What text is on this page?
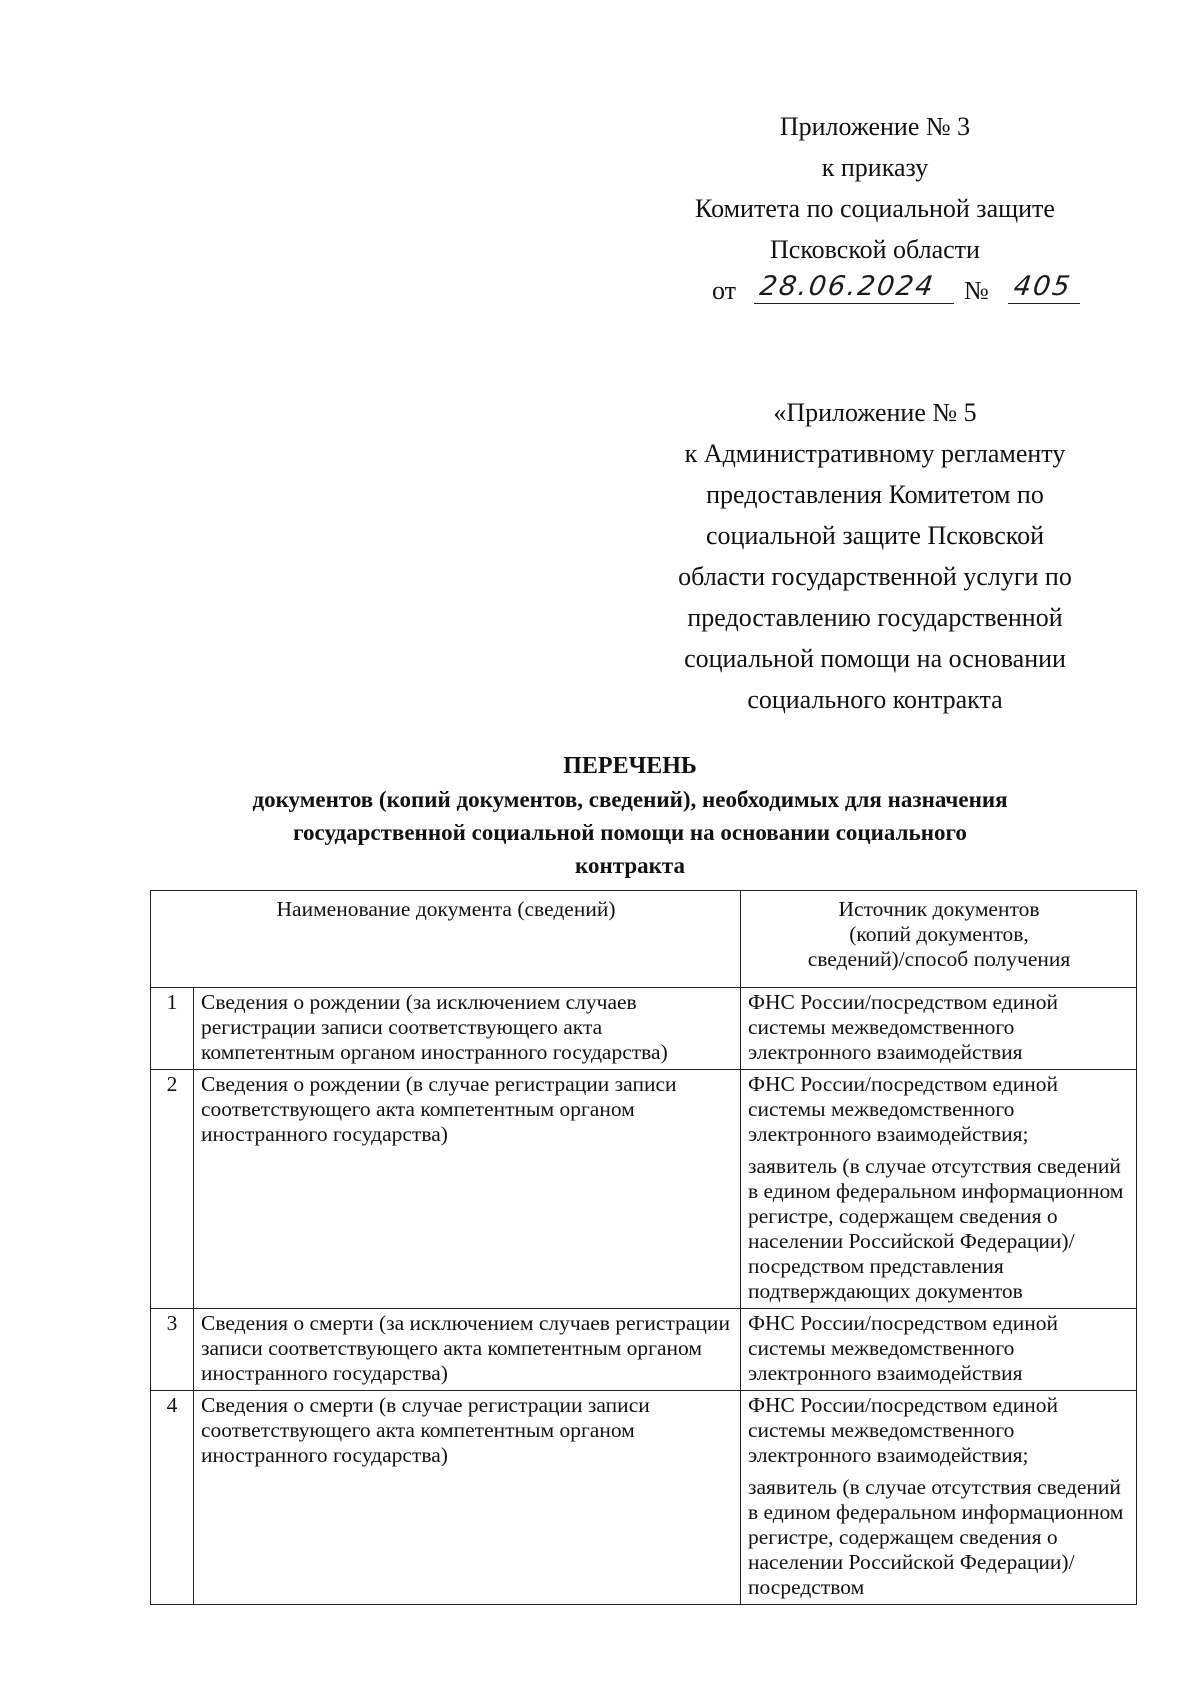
Приложение № 3
к приказу
Комитета по социальной защите
Псковской области
от 28.06.2024 № 405
«Приложение № 5
к Административному регламенту
предоставления Комитетом по
социальной защите Псковской
области государственной услуги по
предоставлению государственной
социальной помощи на основании
социального контракта
ПЕРЕЧЕНЬ
документов (копий документов, сведений), необходимых для назначения
государственной социальной помощи на основании социального
контракта
Наименование документа (сведений)		Источник документов
(копий документов,
сведений)/способ получения
1	Сведения о рождении (за исключением случаев регистрации записи соответствующего акта компетентным органом иностранного государства)	ФНС России/посредством единой системы межведомственного электронного взаимодействия

2	Сведения о рождении (в случае регистрации записи соответствующего акта компетентным органом иностранного государства)	ФНС России/посредством единой системы межведомственного электронного взаимодействия;
заявитель (в случае отсутствия сведений в едином федеральном информационном регистре, содержащем сведения о населении Российской Федерации)/посредством представления подтверждающих документов

3	Сведения о смерти (за исключением случаев регистрации записи соответствующего акта компетентным органом иностранного государства)	ФНС России/посредством единой системы межведомственного электронного взаимодействия

4	Сведения о смерти (в случае регистрации записи соответствующего акта компетентным органом иностранного государства)	ФНС России/посредством единой системы межведомственного электронного взаимодействия;
заявитель (в случае отсутствия сведений в едином федеральном информационном регистре, содержащем сведения о населении Российской Федерации)/посредством
